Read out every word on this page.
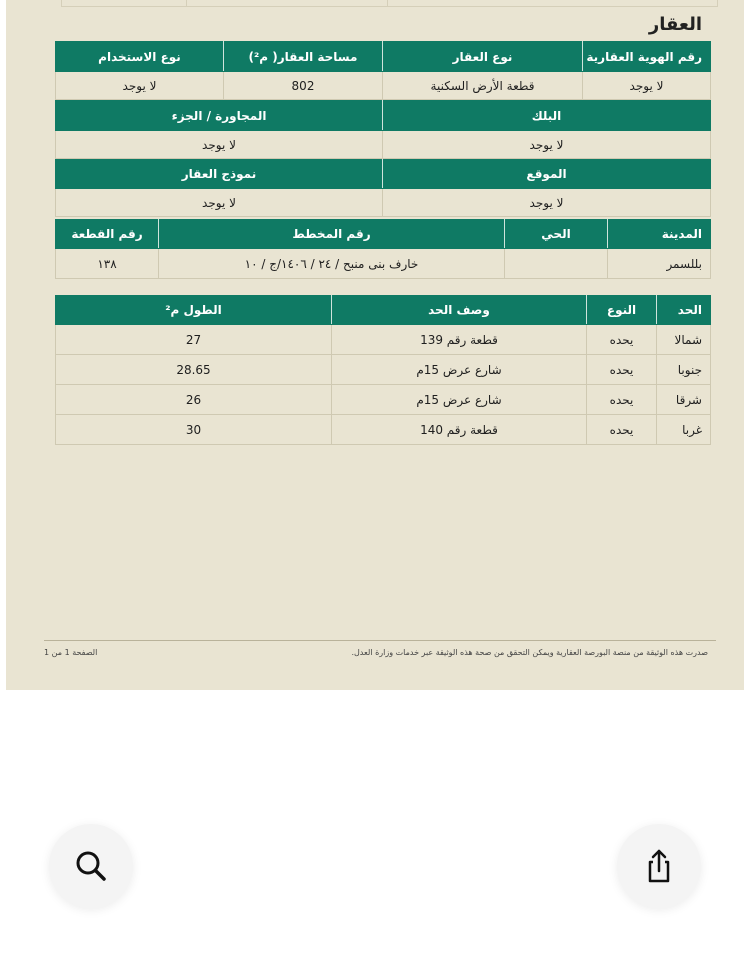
العقار
رقم الهوية العقارية	نوع العقار	مساحة العقار( م²)	نوع الاستخدام
لا يوجد	قطعة الأرض السكنية	802	لا يوجد
البلك	المجاورة / الجزء
لا يوجد	لا يوجد
الموقع	نموذج العقار
لا يوجد	لا يوجد
المدينة	الحي	رقم المخطط	رقم القطعة
بللسمر		خارف بنى منبح / ٢٤ / ١٤٠٦/ج / ١٠	١٣٨
الحد	النوع	وصف الحد	الطول م²
شمالا	يحده	قطعة رقم 139	27
جنوبا	يحده	شارع عرض 15م	28.65
شرقا	يحده	شارع عرض 15م	26
غربا	يحده	قطعة رقم 140	30
صدرت هذه الوثيقة من منصة البورصة العقارية ويمكن التحقق من صحة هذه الوثيقة عبر خدمات وزارة العدل.
الصفحة 1 من 1
